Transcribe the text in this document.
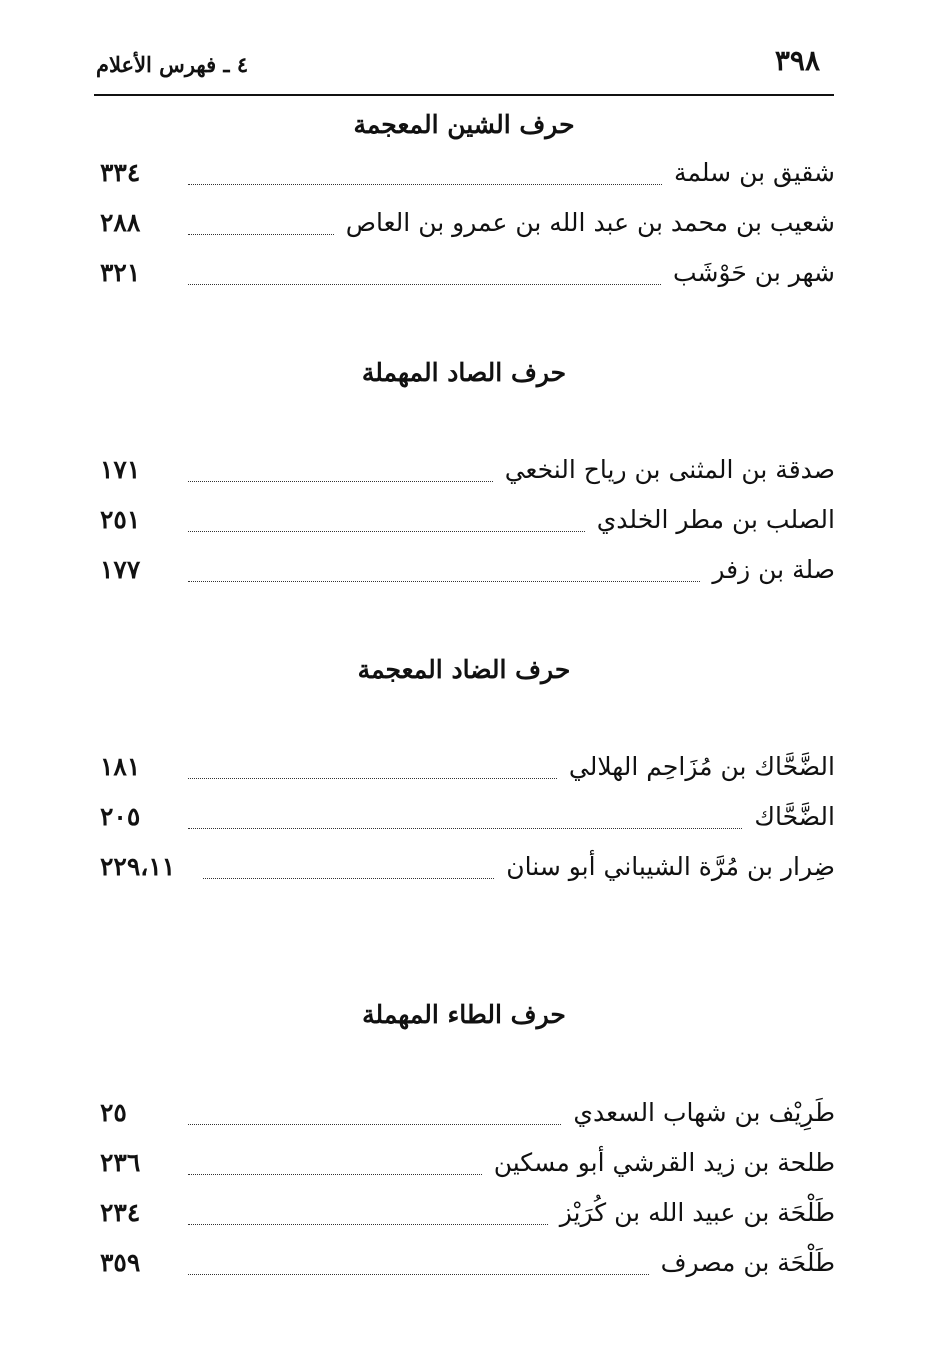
٣٩٨
٤ ـ فهرس الأعلام
حرف الشين المعجمة
شقيق بن سلمة
٣٣٤
شعيب بن محمد بن عبد الله بن عمرو بن العاص
٢٨٨
شهر بن حَوْشَب
٣٢١
حرف الصاد المهملة
صدقة بن المثنى بن رياح النخعي
١٧١
الصلب بن مطر الخلدي
٢٥١
صلة بن زفر
١٧٧
حرف الضاد المعجمة
الضَّحَّاك بن مُزَاحِم الهلالي
١٨١
الضَّحَّاك
٢٠٥
ضِرار بن مُرَّة الشيباني أبو سنان
٢٢٩،١١
حرف الطاء المهملة
طَرِيْف بن شهاب السعدي
٢٥
طلحة بن زيد القرشي أبو مسكين
٢٣٦
طَلْحَة بن عبيد الله بن كُرَيْز
٢٣٤
طَلْحَة بن مصرف
٣٥٩
